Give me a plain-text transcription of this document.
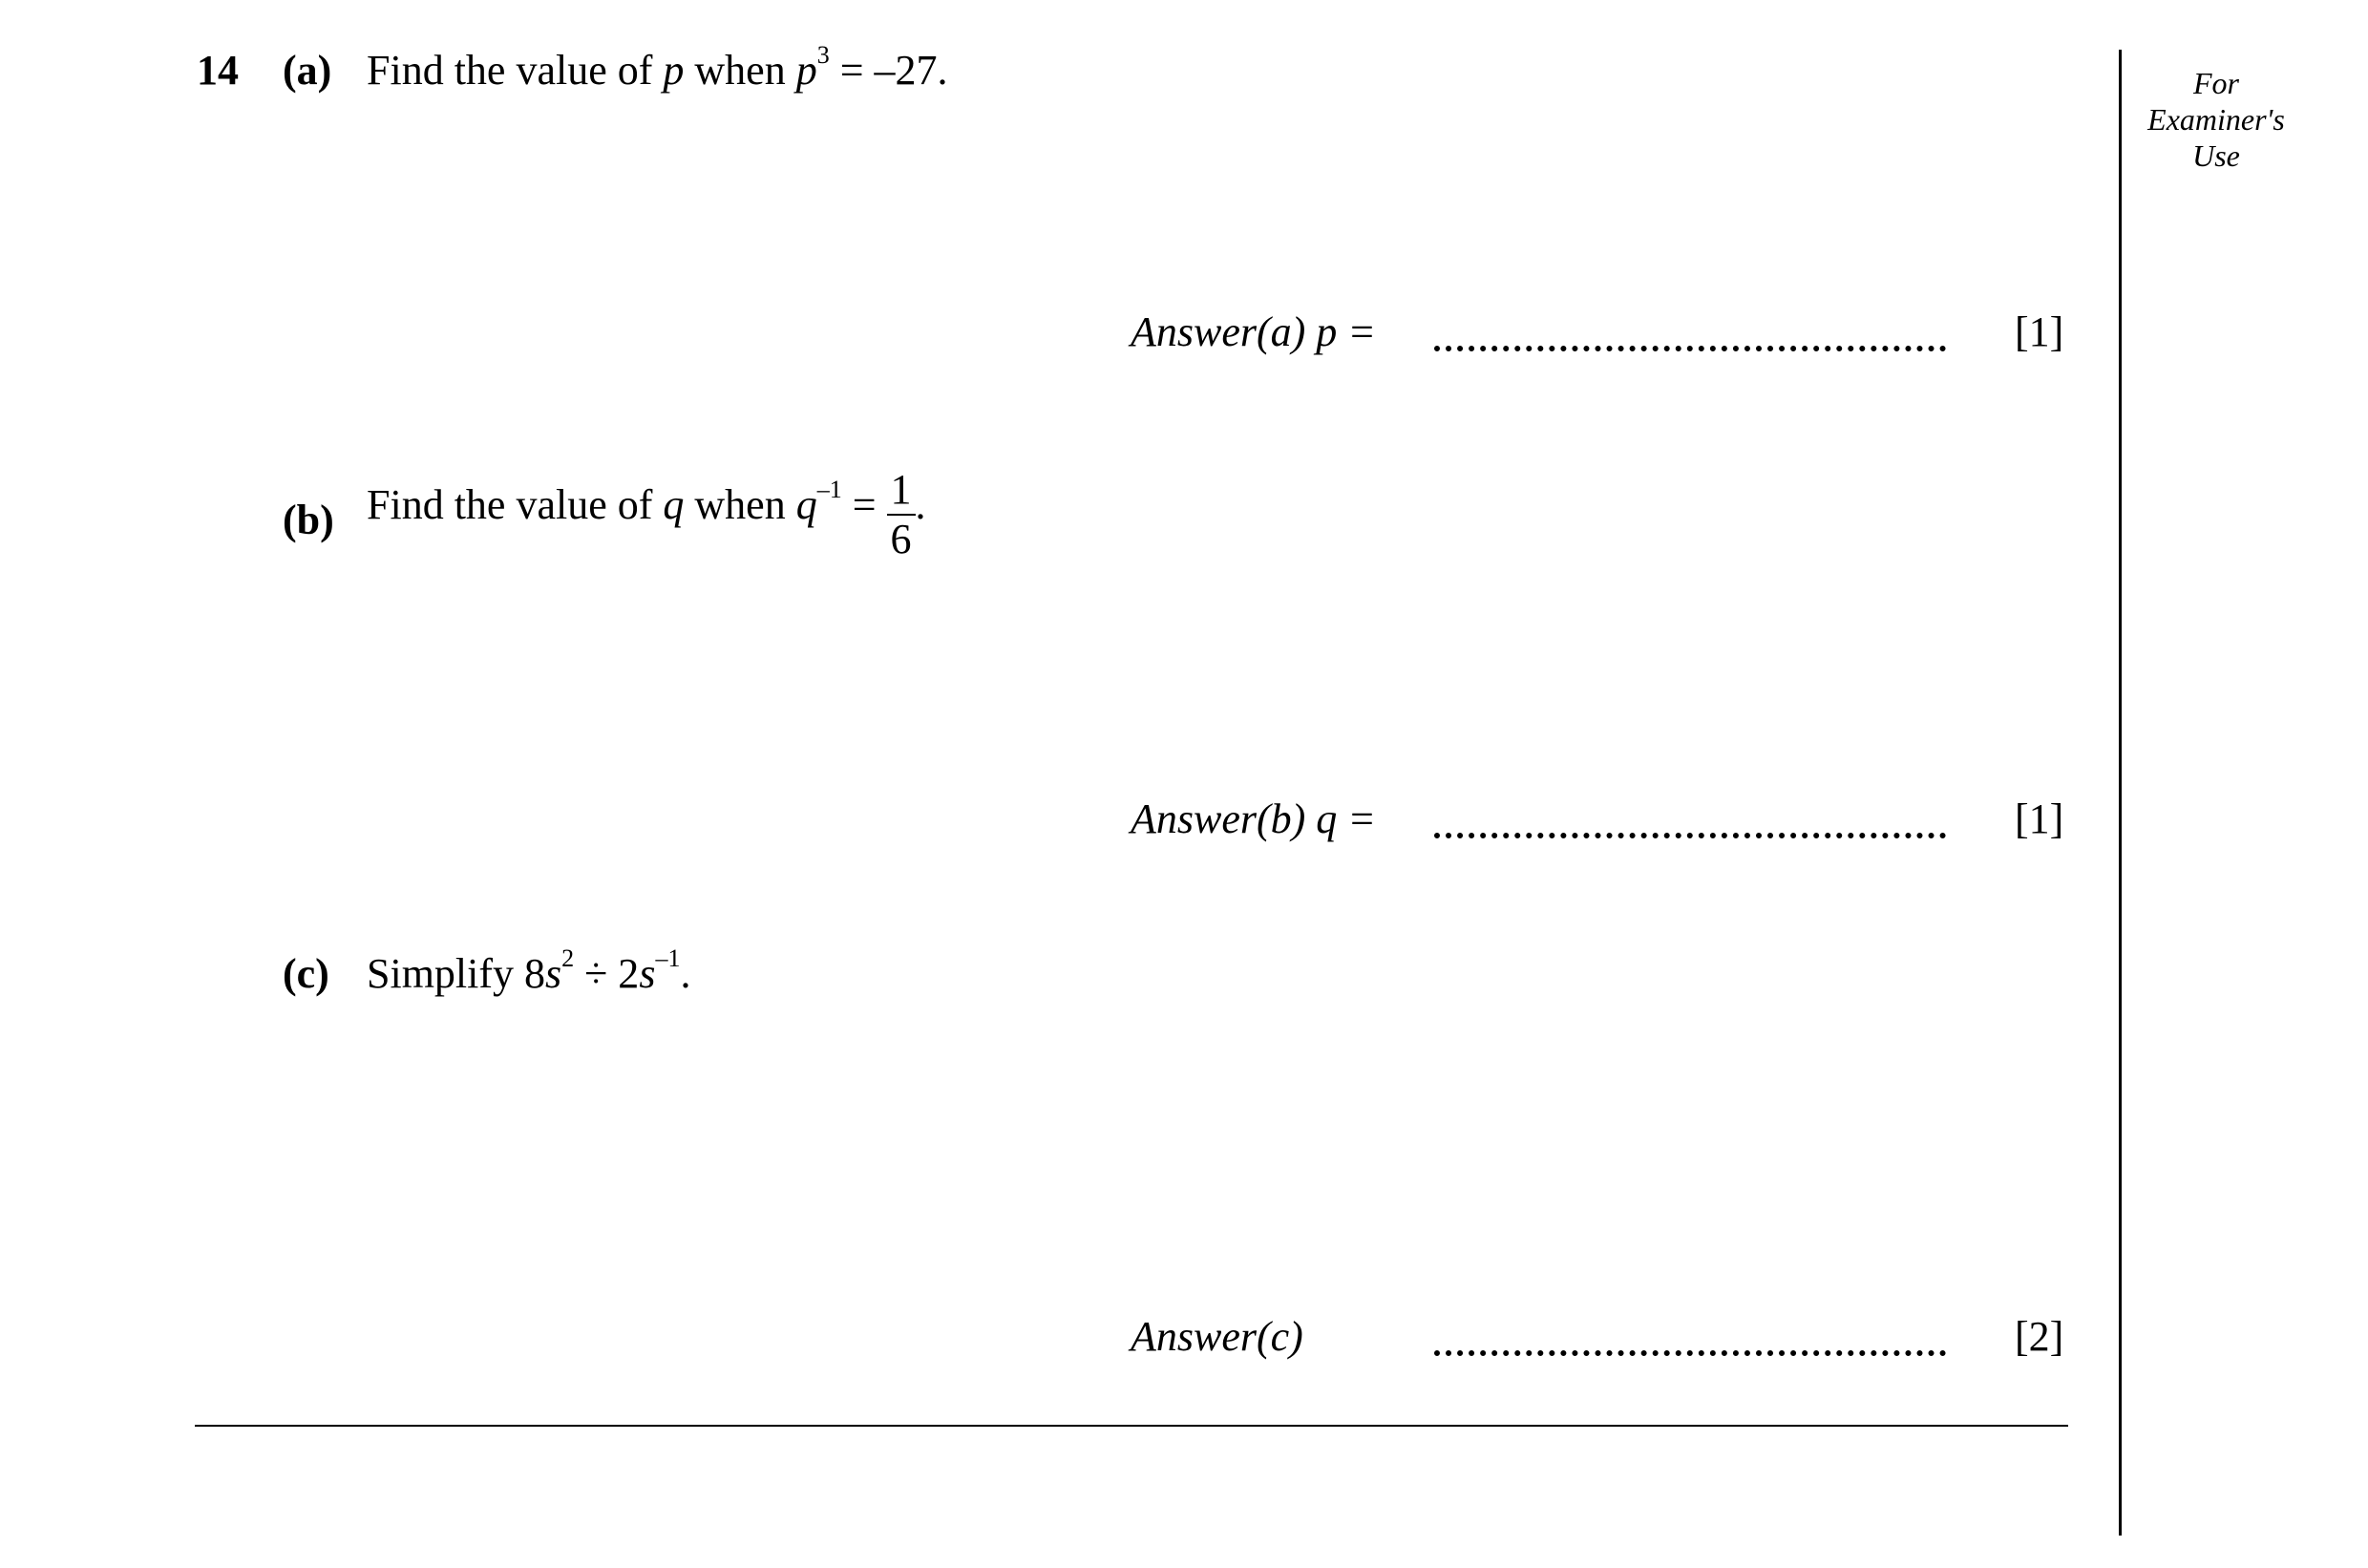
For
Examiner's
Use
14 (a) Find the value of p when $p^3 = -27$.
Answer(a) p =	[1]
(b) Find the value of q when $q^{-1} = \frac{1}{6}$ .
Answer(b) q =	[1]
(c) Simplify $8s^2 \div 2s^{-1}$.
Answer(c)	[2]
